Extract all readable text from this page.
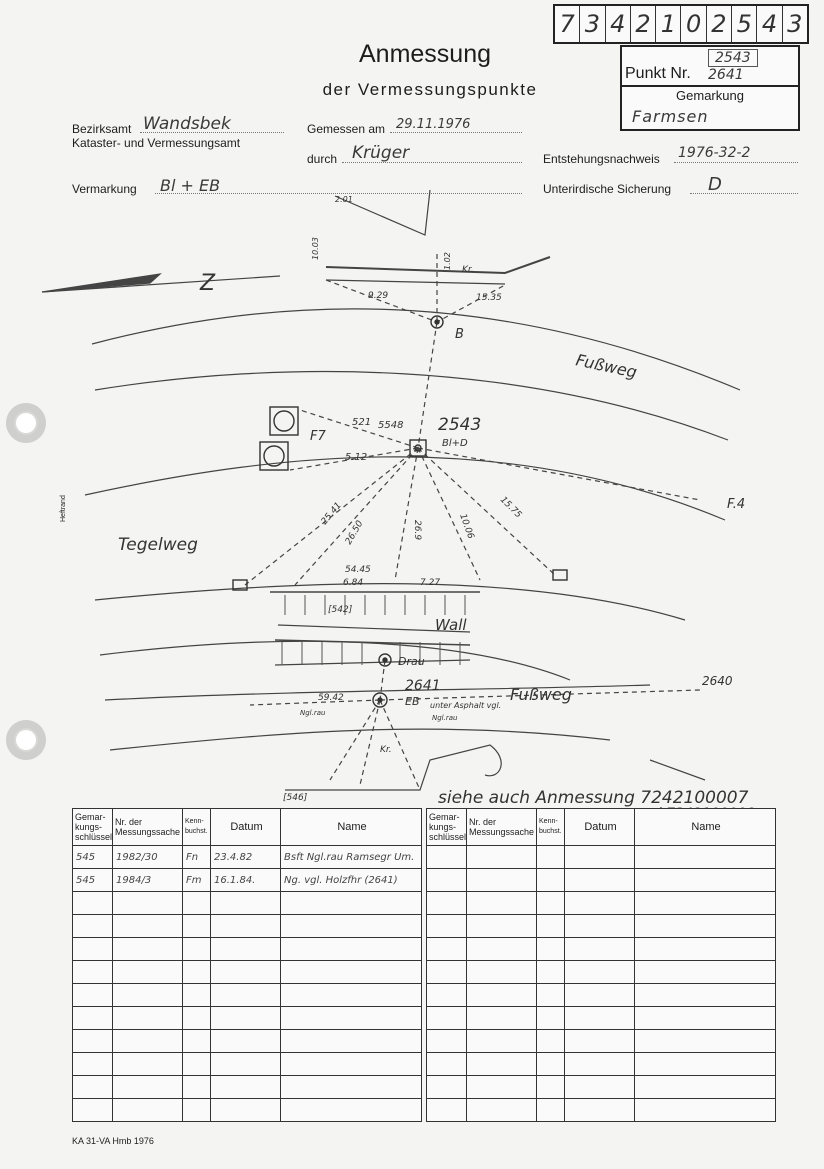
7 3 4 2 1 0 2 5 4 3
Anmessung
der Vermessungspunkte
Punkt Nr.
2543
2641
Gemarkung
Farmsen
Bezirksamt Wandsbek
Kataster- und Vermessungsamt
Gemessen am 29.11.1976
durch Krüger	Entstehungsnachweis 1976-32-2
Vermarkung Bl + EB	Unterirdische Sicherung D
Heftrand
Z
Fußweg
Tegelweg
Wall
Fußweg
F7
F.4
2543
Bl+D
2641
EB
B
Kr.
Kr.
2640
Drau
unter Asphalt vgl.
Ngl.rau
Ngl.rau
5548
521
5.12
9.29	15.35
10.03
1.02
2.01
25.41
26.50	26.9	10.06
15.75
54.45
6.84	7.27
59.42
[542]
[546]	siehe auch Anmessung 7242100007
Gemar-kungs-schlüssel	Nr. der Messungssache	Kenn-buchst.	Datum	Name
545	1982/30	Fn	23.4.82	Bsft Ngl.rau Ramsegr Um.
545	1984/3	Fm	16.1.84.	Ng. vgl. Holzfhr (2641)

Gemar-kungs-schlüssel	Nr. der Messungssache	Kenn-buchst.	Datum	Name

KA 31-VA Hmb 1976
